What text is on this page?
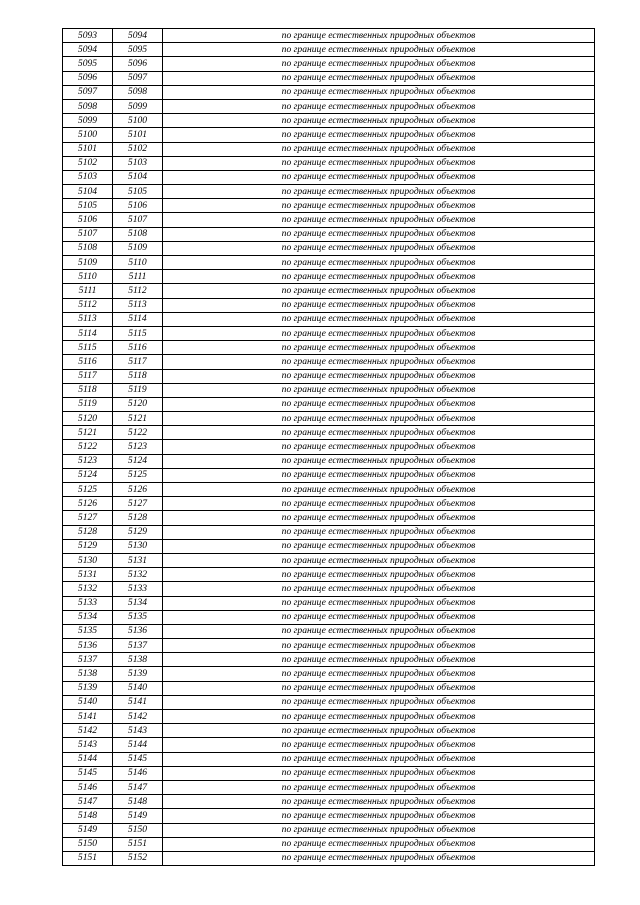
5093	5094	по границе естественных природных объектов
5094	5095	по границе естественных природных объектов
5095	5096	по границе естественных природных объектов
5096	5097	по границе естественных природных объектов
5097	5098	по границе естественных природных объектов
5098	5099	по границе естественных природных объектов
5099	5100	по границе естественных природных объектов
5100	5101	по границе естественных природных объектов
5101	5102	по границе естественных природных объектов
5102	5103	по границе естественных природных объектов
5103	5104	по границе естественных природных объектов
5104	5105	по границе естественных природных объектов
5105	5106	по границе естественных природных объектов
5106	5107	по границе естественных природных объектов
5107	5108	по границе естественных природных объектов
5108	5109	по границе естественных природных объектов
5109	5110	по границе естественных природных объектов
5110	5111	по границе естественных природных объектов
5111	5112	по границе естественных природных объектов
5112	5113	по границе естественных природных объектов
5113	5114	по границе естественных природных объектов
5114	5115	по границе естественных природных объектов
5115	5116	по границе естественных природных объектов
5116	5117	по границе естественных природных объектов
5117	5118	по границе естественных природных объектов
5118	5119	по границе естественных природных объектов
5119	5120	по границе естественных природных объектов
5120	5121	по границе естественных природных объектов
5121	5122	по границе естественных природных объектов
5122	5123	по границе естественных природных объектов
5123	5124	по границе естественных природных объектов
5124	5125	по границе естественных природных объектов
5125	5126	по границе естественных природных объектов
5126	5127	по границе естественных природных объектов
5127	5128	по границе естественных природных объектов
5128	5129	по границе естественных природных объектов
5129	5130	по границе естественных природных объектов
5130	5131	по границе естественных природных объектов
5131	5132	по границе естественных природных объектов
5132	5133	по границе естественных природных объектов
5133	5134	по границе естественных природных объектов
5134	5135	по границе естественных природных объектов
5135	5136	по границе естественных природных объектов
5136	5137	по границе естественных природных объектов
5137	5138	по границе естественных природных объектов
5138	5139	по границе естественных природных объектов
5139	5140	по границе естественных природных объектов
5140	5141	по границе естественных природных объектов
5141	5142	по границе естественных природных объектов
5142	5143	по границе естественных природных объектов
5143	5144	по границе естественных природных объектов
5144	5145	по границе естественных природных объектов
5145	5146	по границе естественных природных объектов
5146	5147	по границе естественных природных объектов
5147	5148	по границе естественных природных объектов
5148	5149	по границе естественных природных объектов
5149	5150	по границе естественных природных объектов
5150	5151	по границе естественных природных объектов
5151	5152	по границе естественных природных объектов
